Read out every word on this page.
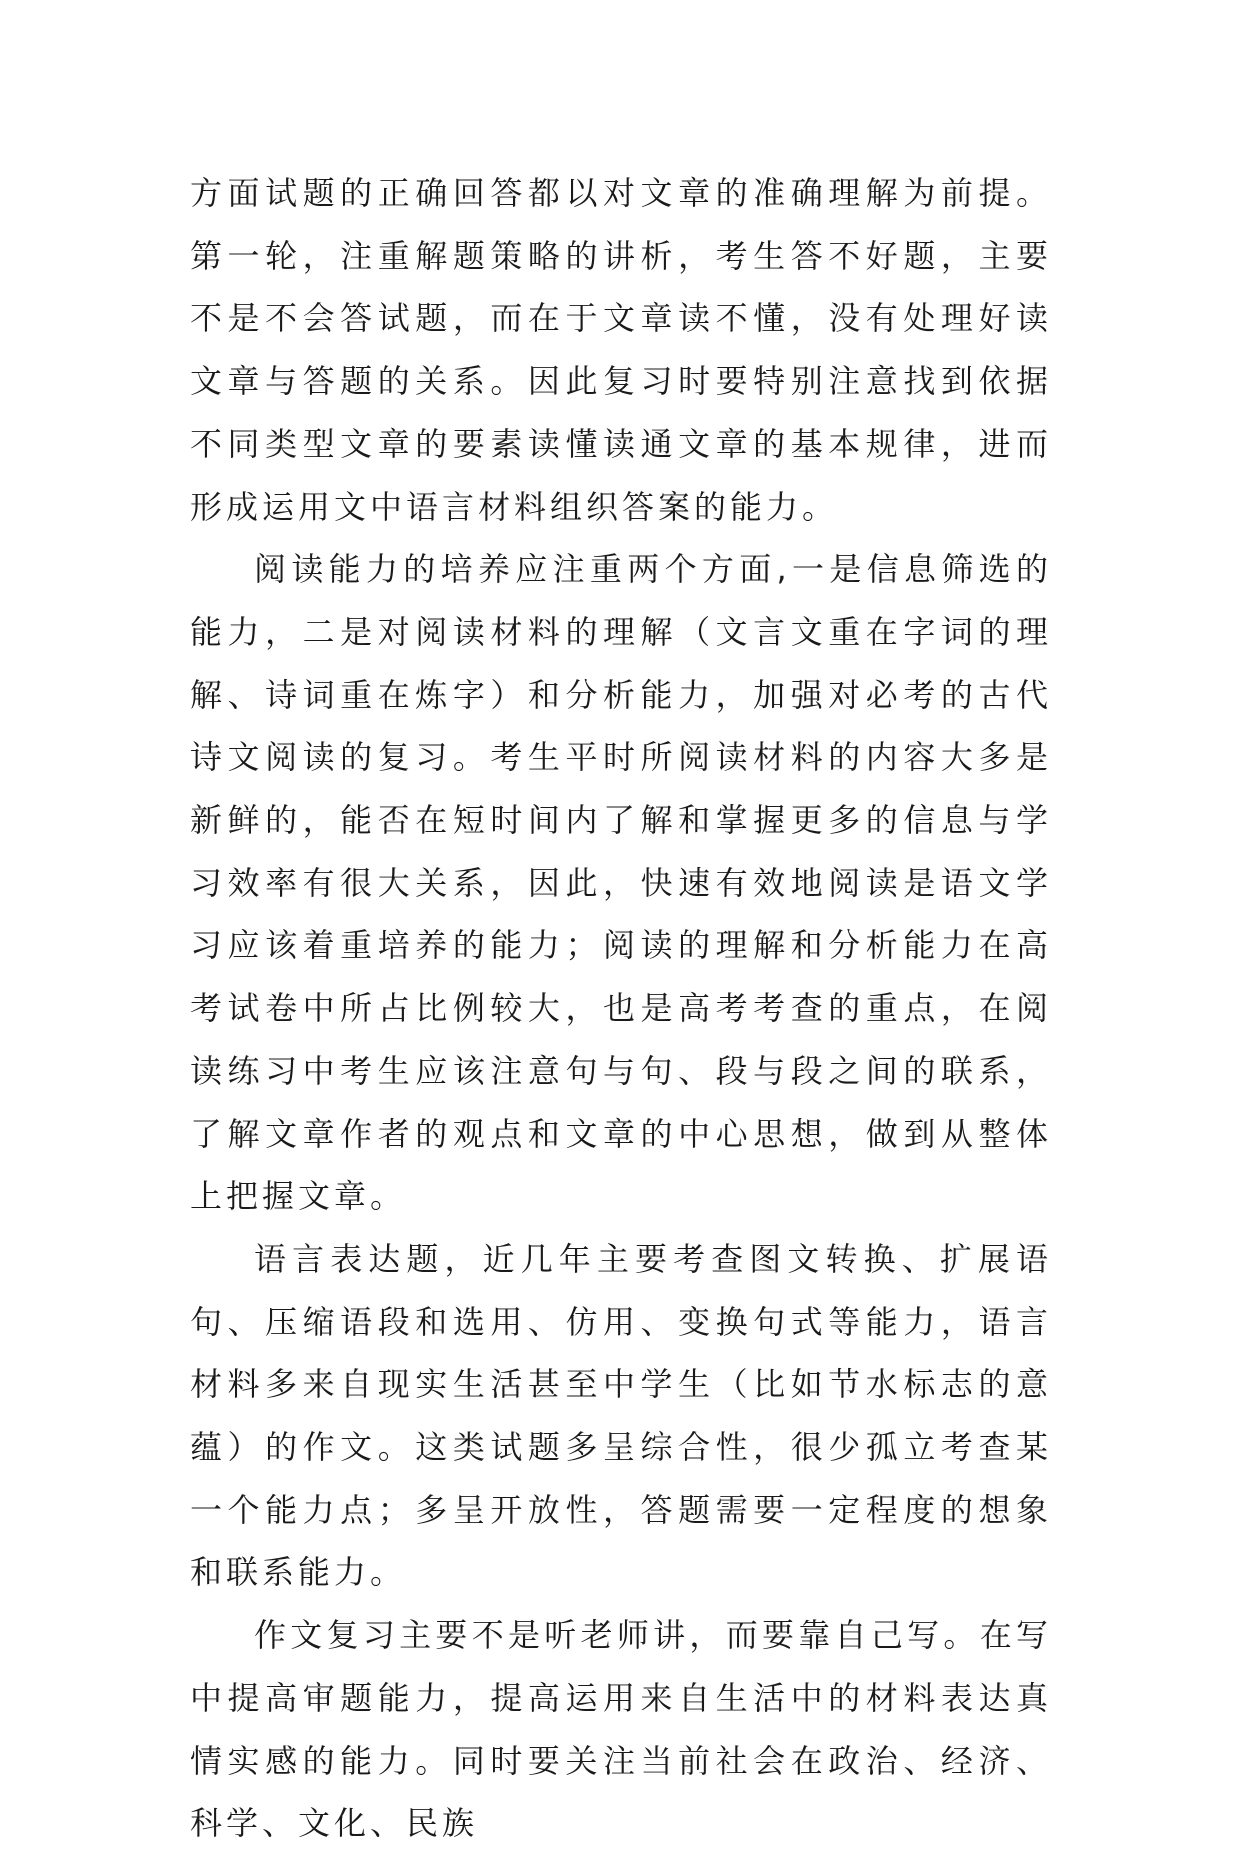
方面试题的正确回答都以对文章的准确理解为前提。第一轮，注重解题策略的讲析，考生答不好题，主要不是不会答试题，而在于文章读不懂，没有处理好读文章与答题的关系。因此复习时要特别注意找到依据不同类型文章的要素读懂读通文章的基本规律，进而形成运用文中语言材料组织答案的能力。

阅读能力的培养应注重两个方面,一是信息筛选的能力，二是对阅读材料的理解（文言文重在字词的理解、诗词重在炼字）和分析能力，加强对必考的古代诗文阅读的复习。考生平时所阅读材料的内容大多是新鲜的，能否在短时间内了解和掌握更多的信息与学习效率有很大关系，因此，快速有效地阅读是语文学习应该着重培养的能力；阅读的理解和分析能力在高考试卷中所占比例较大，也是高考考查的重点，在阅读练习中考生应该注意句与句、段与段之间的联系，了解文章作者的观点和文章的中心思想，做到从整体上把握文章。

语言表达题，近几年主要考查图文转换、扩展语句、压缩语段和选用、仿用、变换句式等能力，语言材料多来自现实生活甚至中学生（比如节水标志的意蕴）的作文。这类试题多呈综合性，很少孤立考查某一个能力点；多呈开放性，答题需要一定程度的想象和联系能力。

作文复习主要不是听老师讲，而要靠自己写。在写中提高审题能力，提高运用来自生活中的材料表达真情实感的能力。同时要关注当前社会在政治、经济、科学、文化、民族
